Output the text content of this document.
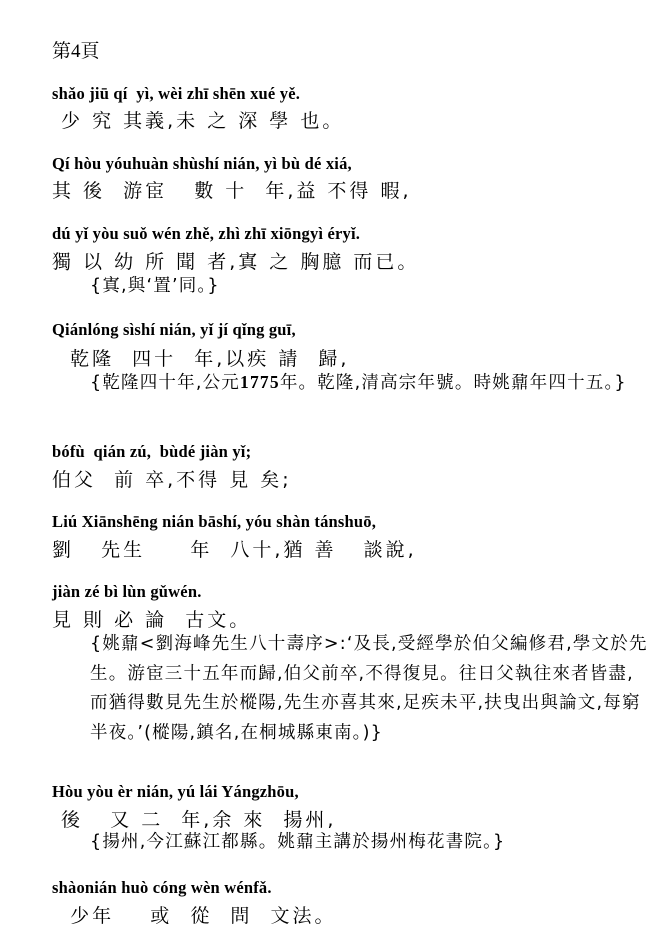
第4頁
shǎo jiū qí  yì, wèi zhī shēn xué yě.
少 究 其義,未 之 深 學 也。
Qí hòu yóuhuàn shùshí nián, yì bù dé xiá,
其 後  游宦   數 十  年,益 不得 暇,
dú yǐ yòu suǒ wén zhě, zhì zhī xiōngyì éryǐ.
獨 以 幼 所 聞 者,寘 之 胸臆 而已。
{寘,與‘置’同。}
Qiánlóng sìshí nián, yǐ jí qǐng guī,
乾隆  四十  年,以疾 請  歸,
{乾隆四十年,公元1775年。乾隆,清高宗年號。時姚鼐年四十五。}
bófù  qián zú,  bùdé jiàn yǐ;
伯父  前 卒,不得 見 矣;
Liú Xiānshēng nián bāshí, yóu shàn tánshuō,
劉   先生     年  八十,猶 善   談說,
jiàn zé bì lùn gǔwén.
見 則 必 論  古文。
{姚鼐<劉海峰先生八十壽序>:‘及長,受經學於伯父編修君,學文於先生。游宦三十五年而歸,伯父前卒,不得復見。往日父執往來者皆盡,而猶得數見先生於樅陽,先生亦喜其來,足疾未平,扶曳出與論文,每窮半夜。’(樅陽,鎮名,在桐城縣東南。)}
Hòu yòu èr nián, yú lái Yángzhōu,
後   又 二  年,余 來  揚州,
{揚州,今江蘇江都縣。姚鼐主講於揚州梅花書院。}
shàonián huò cóng wèn wénfǎ.
少年    或  從  問  文法。
